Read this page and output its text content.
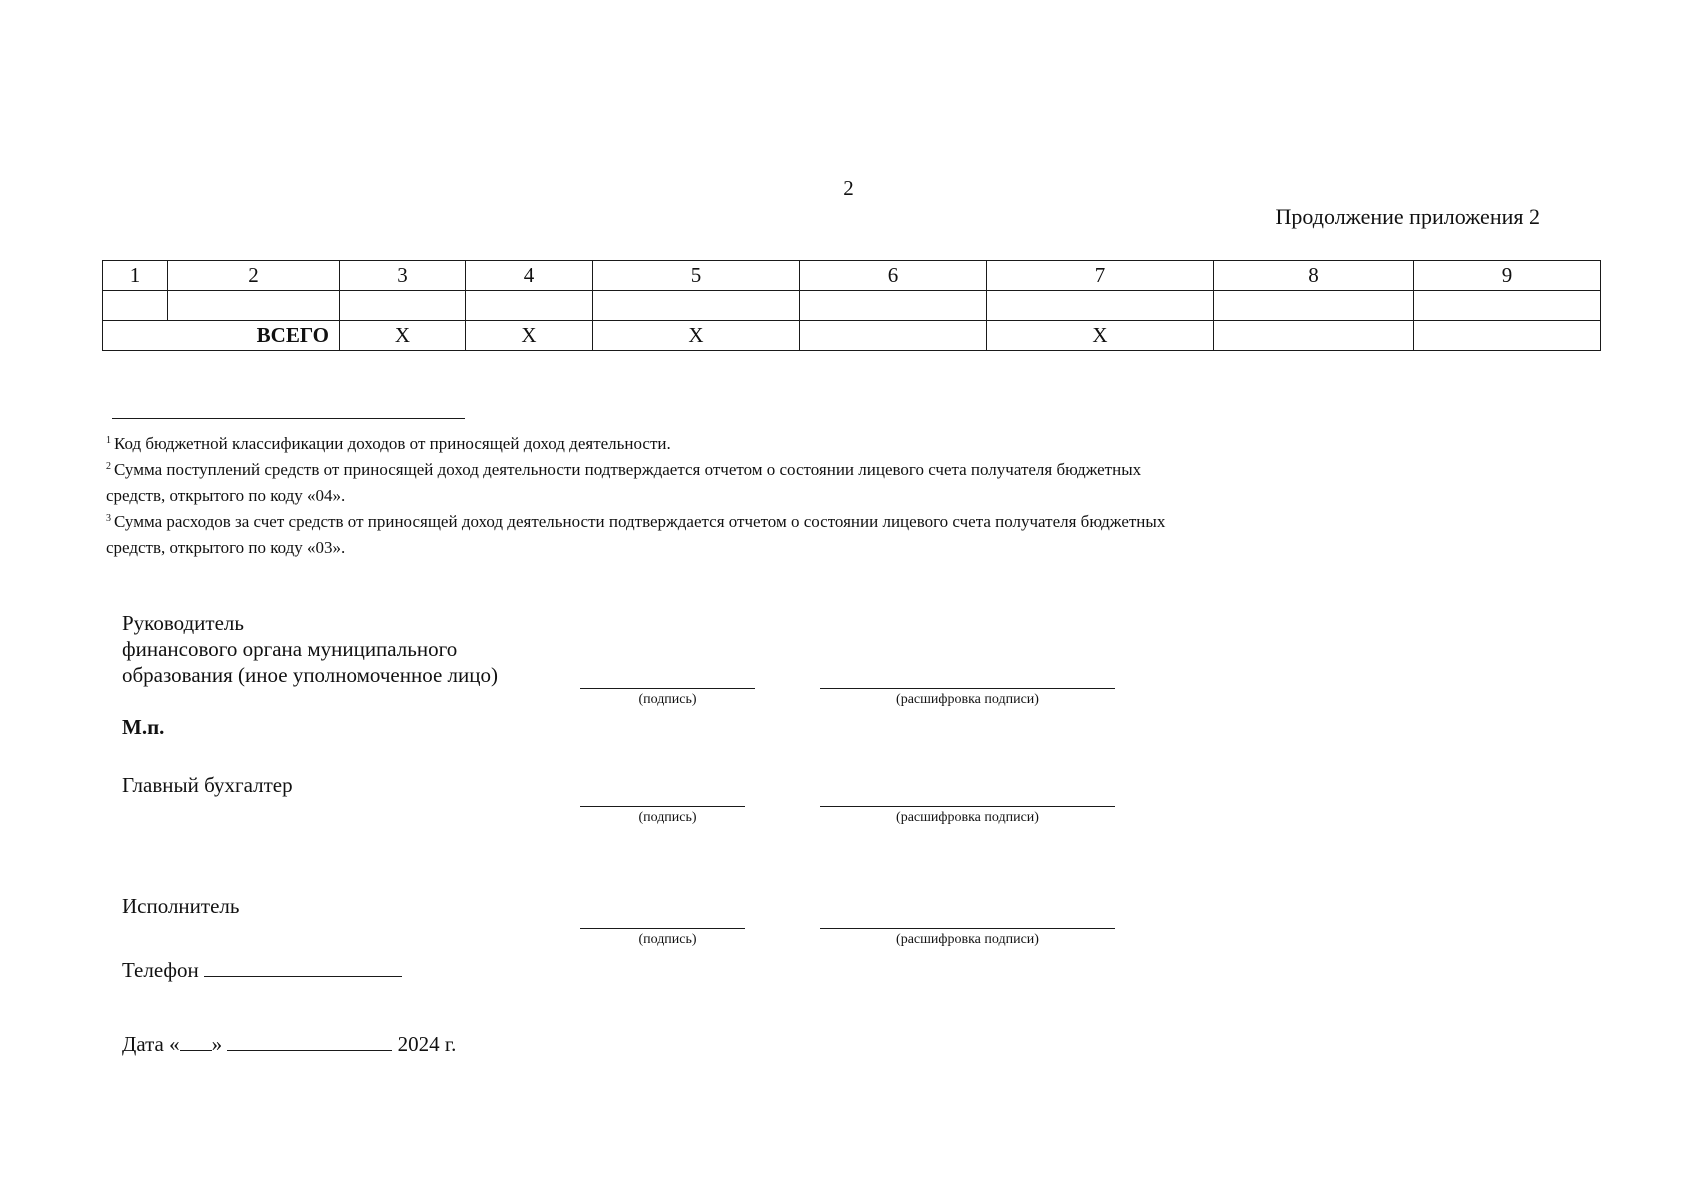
2
Продолжение приложения 2
1	2	3	4	5	6	7	8	9

ВСЕГО		X	X	X		X		
$^1$ Код бюджетной классификации доходов от приносящей доход деятельности.
$^2$ Сумма поступлений средств от приносящей доход деятельности подтверждается отчетом о состоянии лицевого счета получателя бюджетных
средств, открытого по коду «04».
$^3$ Сумма расходов за счет средств от приносящей доход деятельности подтверждается отчетом о состоянии лицевого счета получателя бюджетных
средств, открытого по коду «03».
Руководитель
финансового органа муниципального
образования (иное уполномоченное лицо)
(подпись)	(расшифровка подписи)
М.п.
Главный бухгалтер
(подпись)	(расшифровка подписи)
Исполнитель
(подпись)	(расшифровка подписи)
Телефон
Дата « »	2024 г.
